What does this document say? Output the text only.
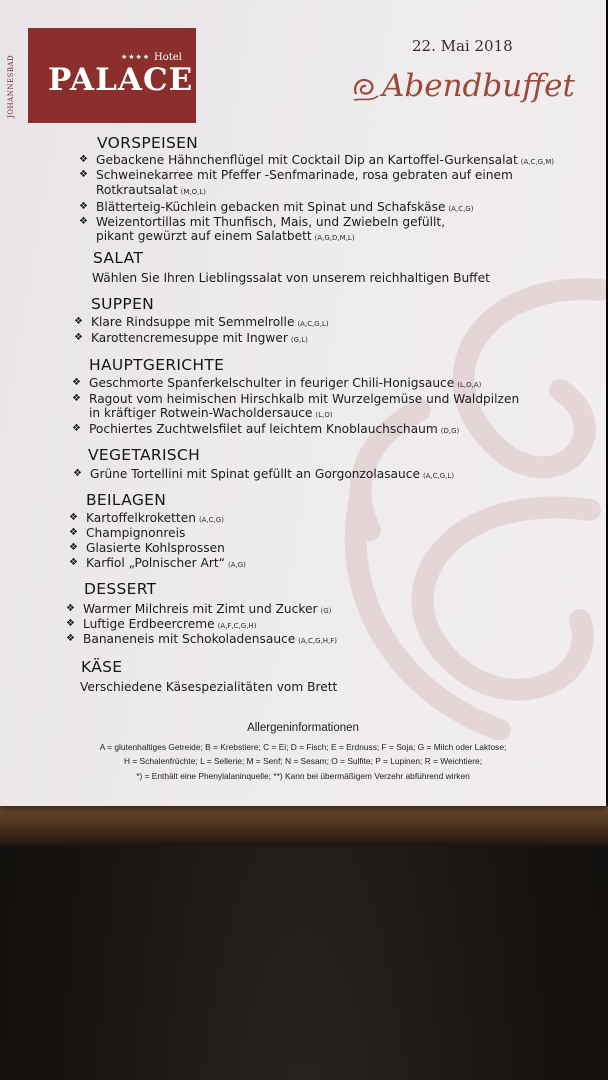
JOHANNESBAD	★★★★ Hotel
PALACE
22. Mai 2018
Abendbuffet
VORSPEISEN
❖ Gebackene Hähnchenflügel mit Cocktail Dip an Kartoffel-Gurkensalat (A,C,G,M)
❖ Schweinekarree mit Pfeffer -Senfmarinade, rosa gebraten auf einem
Rotkrautsalat (M,O,L)
❖ Blätterteig-Küchlein gebacken mit Spinat und Schafskäse (A,C,G)
❖ Weizentortillas mit Thunfisch, Mais, und Zwiebeln gefüllt,
pikant gewürzt auf einem Salatbett (A,G,D,M,L)
SALAT
Wählen Sie Ihren Lieblingssalat von unserem reichhaltigen Buffet
SUPPEN
❖ Klare Rindsuppe mit Semmelrolle (A,C,G,L)
❖ Karottencremesuppe mit Ingwer (G,L)
HAUPTGERICHTE
❖ Geschmorte Spanferkelschulter in feuriger Chili-Honigsauce (L,O,A)
❖ Ragout vom heimischen Hirschkalb mit Wurzelgemüse und Waldpilzen
in kräftiger Rotwein-Wacholdersauce (L,O)
❖ Pochiertes Zuchtwelsfilet auf leichtem Knoblauchschaum (D,G)
VEGETARISCH
❖ Grüne Tortellini mit Spinat gefüllt an Gorgonzolasauce (A,C,G,L)
BEILAGEN
❖ Kartoffelkroketten (A,C,G)
❖ Champignonreis
❖ Glasierte Kohlsprossen
❖ Karfiol „Polnischer Art“ (A,G)
DESSERT
❖ Warmer Milchreis mit Zimt und Zucker (G)
❖ Luftige Erdbeercreme (A,F,C,G,H)
❖ Bananeneis mit Schokoladensauce (A,C,G,H,F)
KÄSE
Verschiedene Käsespezialitäten vom Brett
Allergeninformationen
A = glutenhaltiges Getreide; B = Krebstiere; C = Ei; D = Fisch; E = Erdnuss; F = Soja; G = Milch oder Laktose;
H = Schalenfrüchte; L = Sellerie; M = Senf; N = Sesam; O = Sulfite; P = Lupinen; R = Weichtiere;
*) = Enthält eine Phenylalaninquelle; **) Kann bei übermäßigem Verzehr abführend wirken
